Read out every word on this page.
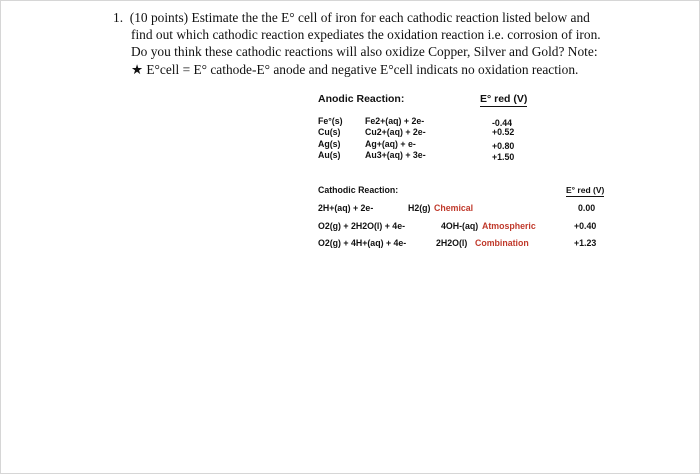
1. (10 points) Estimate the the E° cell of iron for each cathodic reaction listed below and
find out which cathodic reaction expediates the oxidation reaction i.e. corrosion of iron.
Do you think these cathodic reactions will also oxidize Copper, Silver and Gold? Note:
★ E°cell = E° cathode-E° anode and negative E°cell indicats no oxidation reaction.
Anodic Reaction:	E° red (V)
Fe°(s)	Fe2+(aq) + 2e-	-0.44
Cu(s)	Cu2+(aq) + 2e-	+0.52
Ag(s)	Ag+(aq) + e-	+0.80
Au(s)	Au3+(aq) + 3e-	+1.50
Cathodic Reaction:	E° red (V)
2H+(aq) + 2e-	H2(g) Chemical	0.00
O2(g) + 2H2O(l) + 4e-	4OH-(aq) Atmospheric	+0.40
O2(g) + 4H+(aq) + 4e-	2H2O(l) Combination	+1.23
